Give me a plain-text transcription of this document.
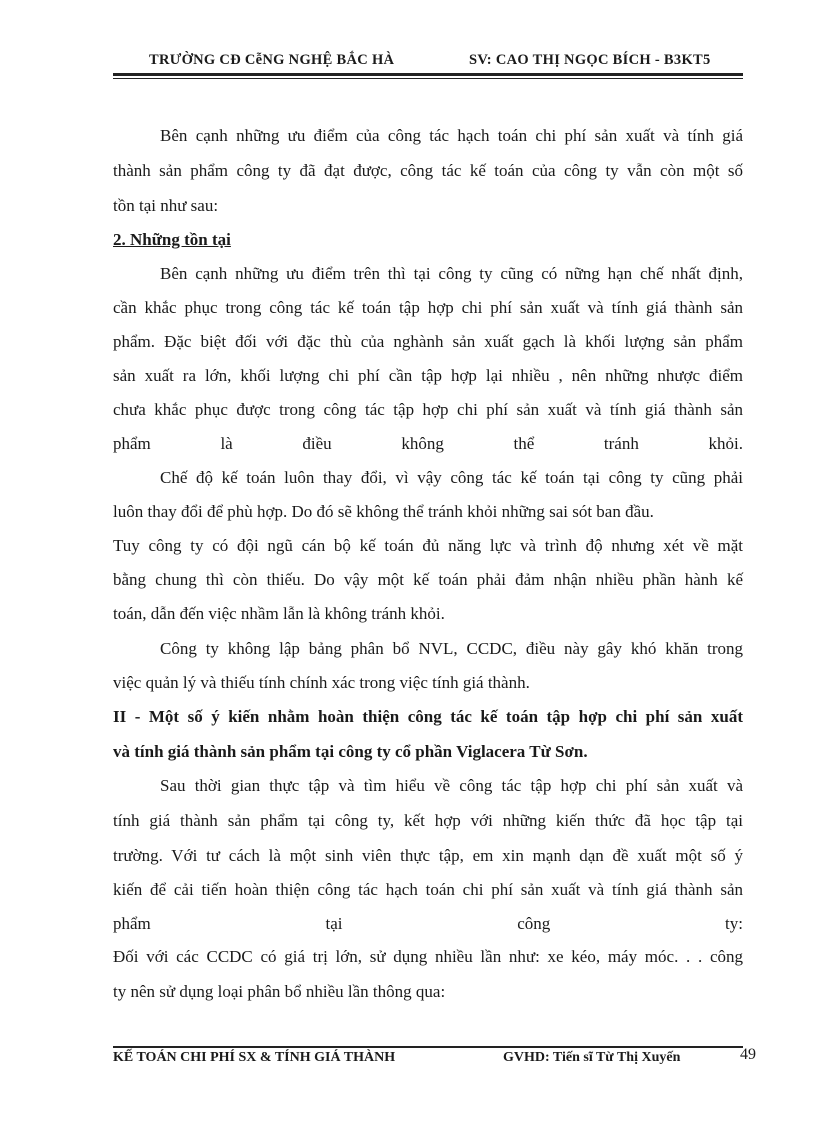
TRƯỜNG CĐ CễNG NGHỆ BẮC HÀ	SV: CAO THỊ NGỌC BÍCH - B3KT5
Bên cạnh những ưu điểm của công tác hạch toán chi phí sản xuất và tính giá
thành sản phẩm công ty đã đạt được, công tác kế toán của công ty vẫn còn một số
tồn tại như sau:
2. Những tồn tại
Bên cạnh những ưu điểm trên thì tại công ty cũng có nững hạn chế nhất định,
cần khắc phục trong công tác kế toán tập hợp chi phí sản xuất và tính giá thành sản
phẩm. Đặc biệt đối với đặc thù của nghành sản xuất gạch là khối lượng sản phẩm
sản xuất ra lớn, khối lượng chi phí cần tập hợp lại nhiều , nên những nhược điểm
chưa khắc phục được trong công tác tập hợp chi phí sản xuất và tính giá thành sản
phẩm là điều không thể tránh khỏi.
Chế độ kế toán luôn thay đổi, vì vậy công tác kế toán tại công ty cũng phải
luôn thay đổi để phù hợp. Do đó sẽ không thể tránh khỏi những sai sót ban đầu.
Tuy công ty có đội ngũ cán bộ kế toán đủ năng lực và trình độ nhưng xét về mặt
bằng chung thì còn thiếu. Do vậy một kế toán phải đảm nhận nhiều phần hành kế
toán, dẫn đến việc nhầm lẫn là không tránh khỏi.
Công ty không lập bảng phân bổ NVL, CCDC, điều này gây khó khăn trong
việc quản lý và thiếu tính chính xác trong việc tính giá thành.
II - Một số ý kiến nhằm hoàn thiện công tác kế toán tập hợp chi phí sản xuất
và tính giá thành sản phẩm tại công ty cổ phần Viglacera Từ Sơn.
Sau thời gian thực tập và tìm hiểu về công tác tập hợp chi phí sản xuất và
tính giá thành sản phẩm tại công ty, kết hợp với những kiến thức đã học tập tại
trường. Với tư cách là một sinh viên thực tập, em xin mạnh dạn đề xuất một số ý
kiến để cải tiến hoàn thiện công tác hạch toán chi phí sản xuất và tính giá thành sản
phẩm tại công ty:
Đối với các CCDC có giá trị lớn, sử dụng nhiều lần như: xe kéo, máy móc. . . công
ty nên sử dụng loại phân bổ nhiều lần thông qua:
KẾ TOÁN CHI PHÍ SX & TÍNH GIÁ THÀNH	GVHD: Tiến sĩ Từ Thị Xuyến	49
